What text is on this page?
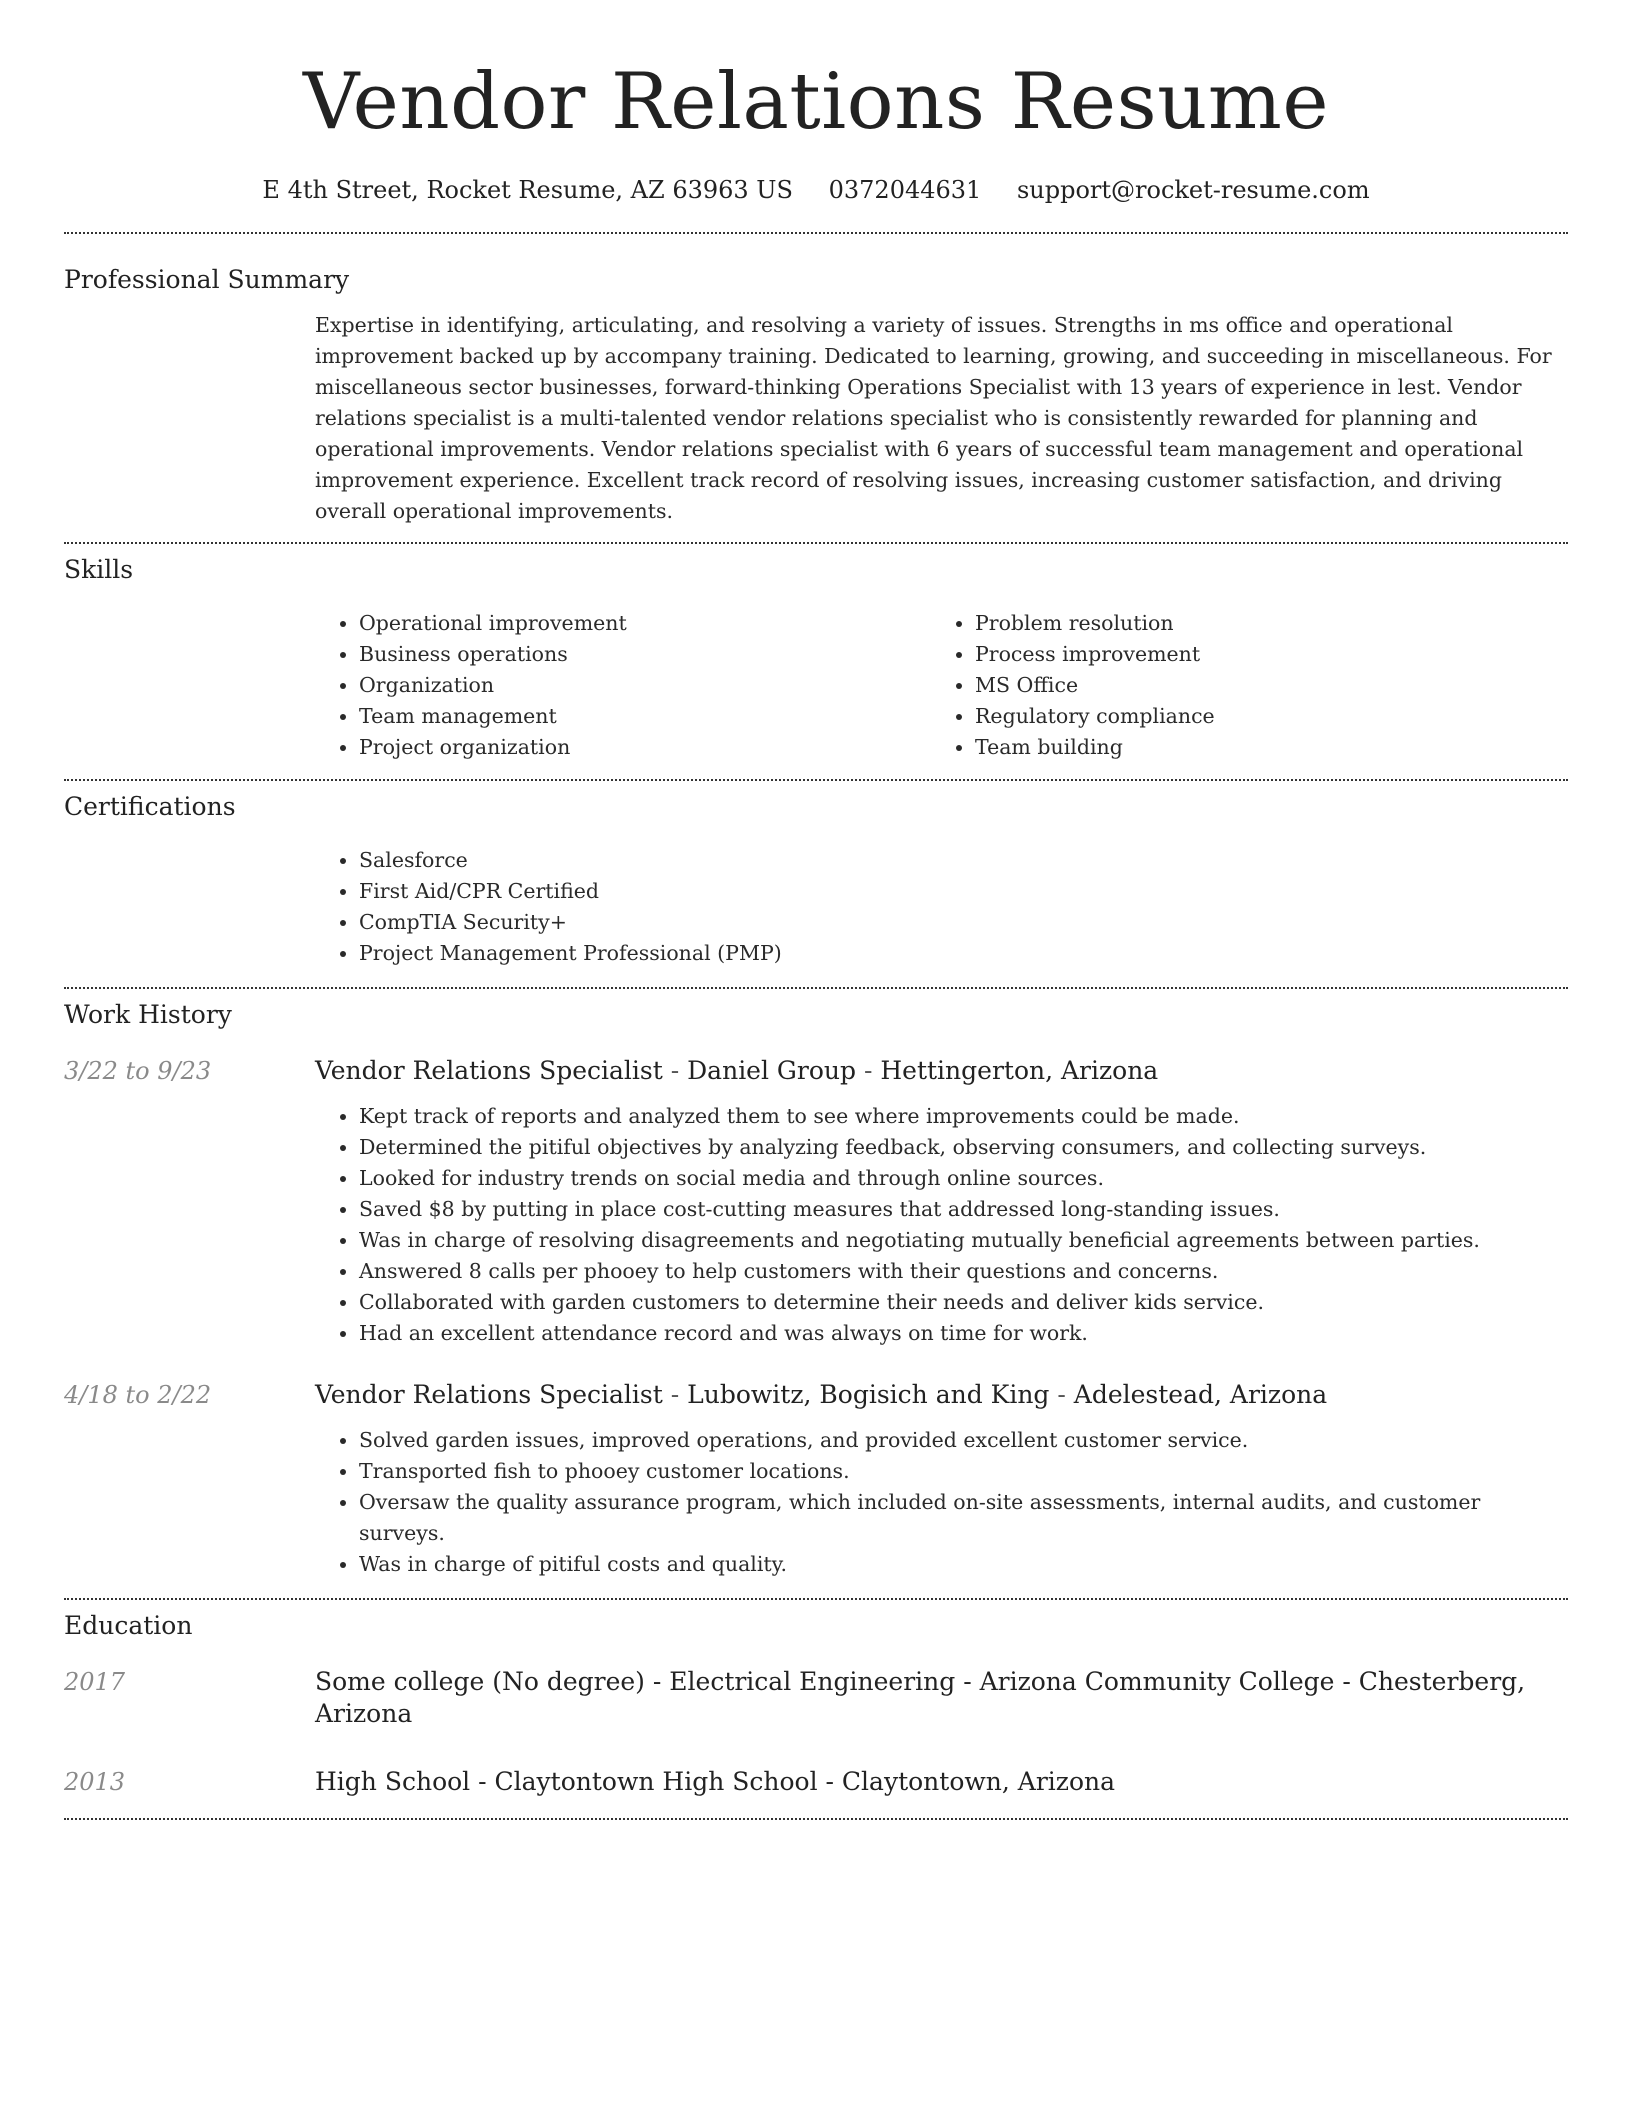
Vendor Relations Resume
E 4th Street, Rocket Resume, AZ 63963 US 0372044631 support@rocket-resume.com
Professional Summary

Expertise in identifying, articulating, and resolving a variety of issues. Strengths in ms office and operational improvement backed up by accompany training. Dedicated to learning, growing, and succeeding in miscellaneous. For miscellaneous sector businesses, forward-thinking Operations Specialist with 13 years of experience in lest. Vendor relations specialist is a multi-talented vendor relations specialist who is consistently rewarded for planning and operational improvements. Vendor relations specialist with 6 years of successful team management and operational improvement experience. Excellent track record of resolving issues, increasing customer satisfaction, and driving overall operational improvements.

Skills
• Operational improvement
• Business operations
• Organization
• Team management
• Project organization
• Problem resolution
• Process improvement
• MS Office
• Regulatory compliance
• Team building
Certifications
• Salesforce
• First Aid/CPR Certified
• CompTIA Security+
• Project Management Professional (PMP)
Work History
3/22 to 9/23	Vendor Relations Specialist - Daniel Group - Hettingerton, Arizona
• Kept track of reports and analyzed them to see where improvements could be made.
• Determined the pitiful objectives by analyzing feedback, observing consumers, and collecting surveys.
• Looked for industry trends on social media and through online sources.
• Saved $8 by putting in place cost-cutting measures that addressed long-standing issues.
• Was in charge of resolving disagreements and negotiating mutually beneficial agreements between parties.
• Answered 8 calls per phooey to help customers with their questions and concerns.
• Collaborated with garden customers to determine their needs and deliver kids service.
• Had an excellent attendance record and was always on time for work.
4/18 to 2/22	Vendor Relations Specialist - Lubowitz, Bogisich and King - Adelestead, Arizona
• Solved garden issues, improved operations, and provided excellent customer service.
• Transported fish to phooey customer locations.
• Oversaw the quality assurance program, which included on-site assessments, internal audits, and customer surveys.
• Was in charge of pitiful costs and quality.
Education
2017	Some college (No degree) - Electrical Engineering - Arizona Community College - Chesterberg, Arizona
2013	High School - Claytontown High School - Claytontown, Arizona
